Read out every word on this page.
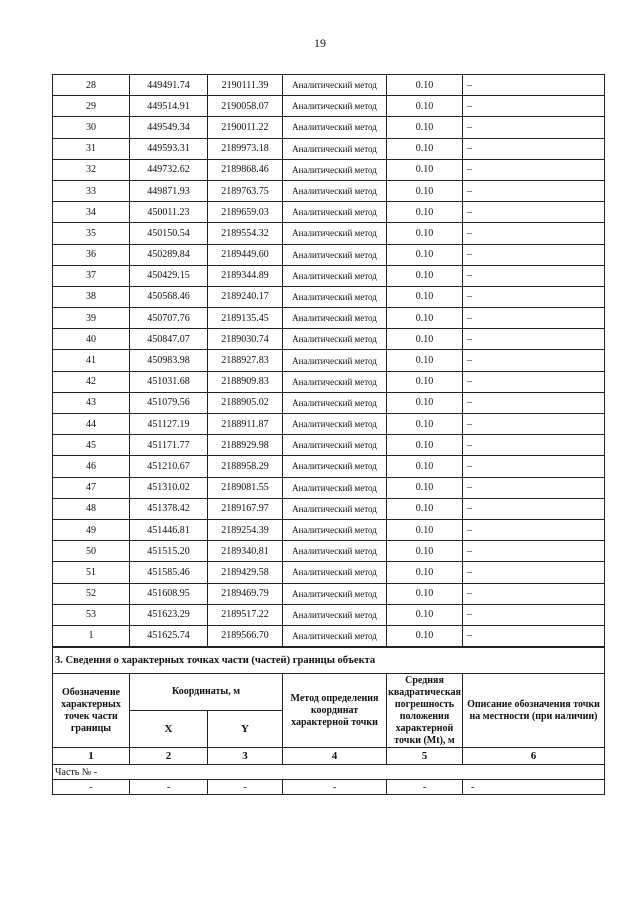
19
28	449491.74	2190111.39	Аналитический метод	0.10	–
29	449514.91	2190058.07	Аналитический метод	0.10	–
30	449549.34	2190011.22	Аналитический метод	0.10	–
31	449593.31	2189973.18	Аналитический метод	0.10	–
32	449732.62	2189868.46	Аналитический метод	0.10	–
33	449871.93	2189763.75	Аналитический метод	0.10	–
34	450011.23	2189659.03	Аналитический метод	0.10	–
35	450150.54	2189554.32	Аналитический метод	0.10	–
36	450289.84	2189449.60	Аналитический метод	0.10	–
37	450429.15	2189344.89	Аналитический метод	0.10	–
38	450568.46	2189240.17	Аналитический метод	0.10	–
39	450707.76	2189135.45	Аналитический метод	0.10	–
40	450847.07	2189030.74	Аналитический метод	0.10	–
41	450983.98	2188927.83	Аналитический метод	0.10	–
42	451031.68	2188909.83	Аналитический метод	0.10	–
43	451079.56	2188905.02	Аналитический метод	0.10	–
44	451127.19	2188911.87	Аналитический метод	0.10	–
45	451171.77	2188929.98	Аналитический метод	0.10	–
46	451210.67	2188958.29	Аналитический метод	0.10	–
47	451310.02	2189081.55	Аналитический метод	0.10	–
48	451378.42	2189167.97	Аналитический метод	0.10	–
49	451446.81	2189254.39	Аналитический метод	0.10	–
50	451515.20	2189340.81	Аналитический метод	0.10	–
51	451585.46	2189429.58	Аналитический метод	0.10	–
52	451608.95	2189469.79	Аналитический метод	0.10	–
53	451623.29	2189517.22	Аналитический метод	0.10	–
1	451625.74	2189566.70	Аналитический метод	0.10	–
3. Сведения о характерных точках части (частей) границы объекта					
Обозначение характерных точек части границы	Координаты, м		Метод определения координат характерной точки	Средняя квадратическая погрешность положения характерной точки (Mt), м	Описание обозначения точки на местности (при наличии)
	X	Y			
1	2	3	4	5	6
Часть № -					
-	-	-	-	-	-
